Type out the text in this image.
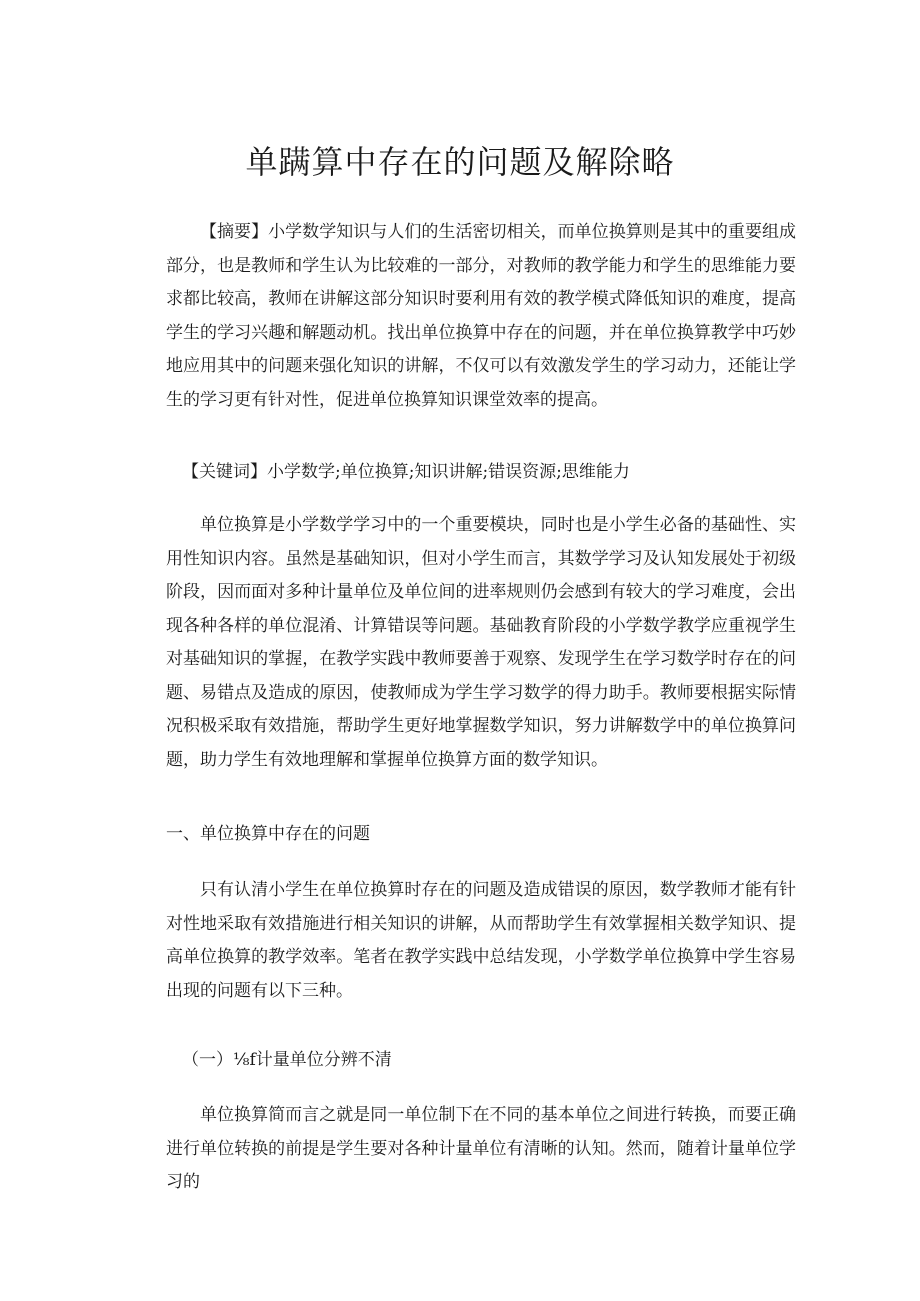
单蹒算中存在的问题及解除略

【摘要】小学数学知识与人们的生活密切相关，而单位换算则是其中的重要组成部分，也是教师和学生认为比较难的一部分，对教师的教学能力和学生的思维能力要求都比较高，教师在讲解这部分知识时要利用有效的教学模式降低知识的难度，提高学生的学习兴趣和解题动机。找出单位换算中存在的问题，并在单位换算教学中巧妙地应用其中的问题来强化知识的讲解，不仅可以有效激发学生的学习动力，还能让学生的学习更有针对性，促进单位换算知识课堂效率的提高。

【关键词】小学数学;单位换算;知识讲解;错误资源;思维能力

单位换算是小学数学学习中的一个重要模块，同时也是小学生必备的基础性、实用性知识内容。虽然是基础知识，但对小学生而言，其数学学习及认知发展处于初级阶段，因而面对多种计量单位及单位间的进率规则仍会感到有较大的学习难度，会出现各种各样的单位混淆、计算错误等问题。基础教育阶段的小学数学教学应重视学生对基础知识的掌握，在教学实践中教师要善于观察、发现学生在学习数学时存在的问题、易错点及造成的原因，使教师成为学生学习数学的得力助手。教师要根据实际情况积极采取有效措施，帮助学生更好地掌握数学知识，努力讲解数学中的单位换算问题，助力学生有效地理解和掌握单位换算方面的数学知识。

一、单位换算中存在的问题

只有认清小学生在单位换算时存在的问题及造成错误的原因，数学教师才能有针对性地采取有效措施进行相关知识的讲解，从而帮助学生有效掌握相关数学知识、提高单位换算的教学效率。笔者在教学实践中总结发现，小学数学单位换算中学生容易出现的问题有以下三种。

（一）⅛f计量单位分辨不清

单位换算简而言之就是同一单位制下在不同的基本单位之间进行转换，而要正确进行单位转换的前提是学生要对各种计量单位有清晰的认知。然而，随着计量单位学习的
